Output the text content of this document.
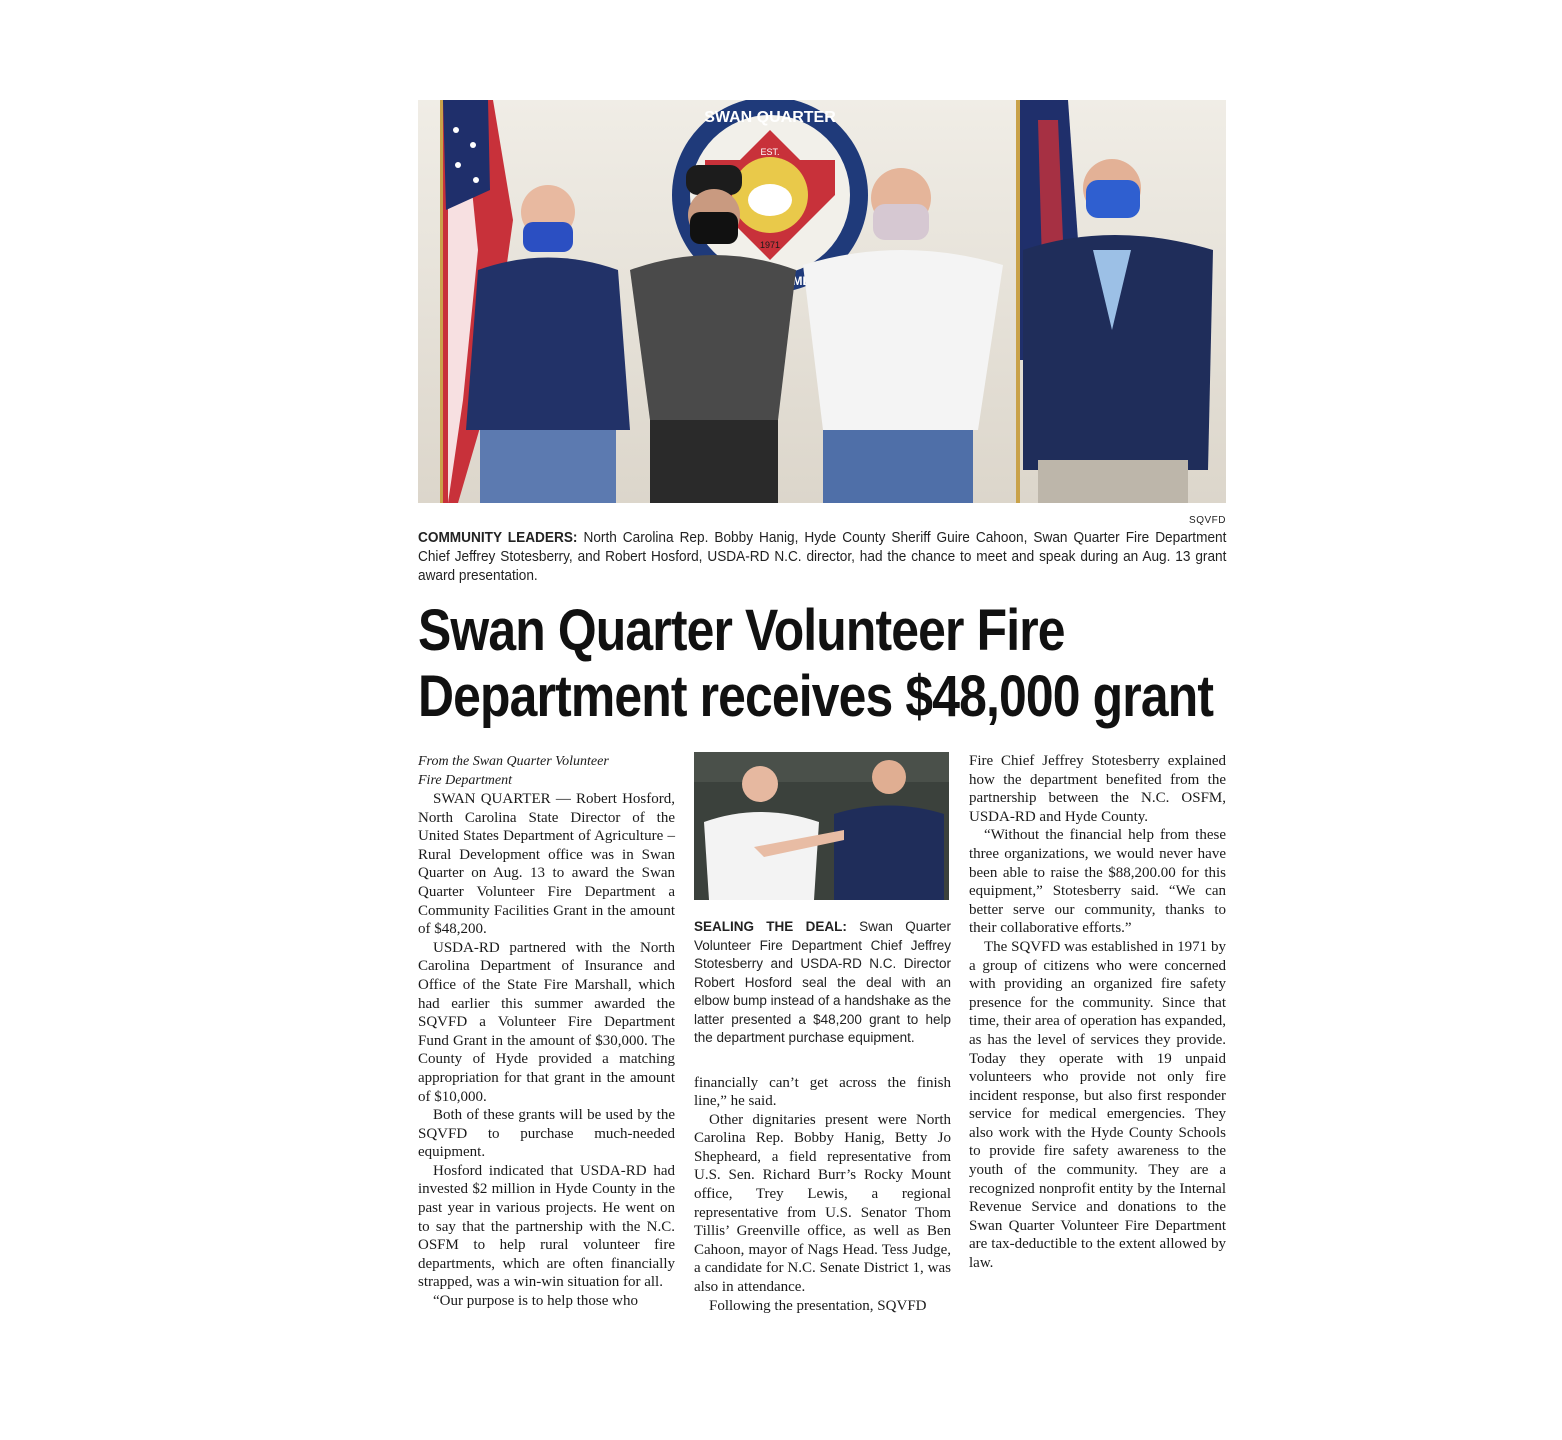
SWAN QUARTER
EST.
1971
SQVFD
COMMUNITY LEADERS: North Carolina Rep. Bobby Hanig, Hyde County Sheriff Guire Cahoon, Swan Quarter Fire Department Chief Jeffrey Stotesberry, and Robert Hosford, USDA-RD N.C. director, had the chance to meet and speak during an Aug. 13 grant award presentation.
Swan Quarter Volunteer Fire
Department receives $48,000 grant

From the Swan Quarter Volunteer
Fire Department

SWAN QUARTER — Robert Hosford, North Carolina State Director of the United States Department of Agriculture – Rural Development office was in Swan Quarter on Aug. 13 to award the Swan Quarter Volunteer Fire Department a Community Facilities Grant in the amount of $48,200.

USDA-RD partnered with the North Carolina Department of Insurance and Office of the State Fire Marshall, which had earlier this summer awarded the SQVFD a Volunteer Fire Department Fund Grant in the amount of $30,000. The County of Hyde provided a matching appropriation for that grant in the amount of $10,000.

Both of these grants will be used by the SQVFD to purchase much-needed equipment.

Hosford indicated that USDA-RD had invested $2 million in Hyde County in the past year in various projects. He went on to say that the partnership with the N.C. OSFM to help rural volunteer fire departments, which are often financially strapped, was a win-win situation for all.

“Our purpose is to help those who

SEALING THE DEAL: Swan Quarter Volunteer Fire Department Chief Jeffrey Stotesberry and USDA-RD N.C. Director Robert Hosford seal the deal with an elbow bump instead of a handshake as the latter presented a $48,200 grant to help the department purchase equipment.

financially can’t get across the finish line,” he said.

Other dignitaries present were North Carolina Rep. Bobby Hanig, Betty Jo Shepheard, a field representative from U.S. Sen. Richard Burr’s Rocky Mount office, Trey Lewis, a regional representative from U.S. Senator Thom Tillis’ Greenville office, as well as Ben Cahoon, mayor of Nags Head. Tess Judge, a candidate for N.C. Senate District 1, was also in attendance.

Following the presentation, SQVFD

Fire Chief Jeffrey Stotesberry explained how the department benefited from the partnership between the N.C. OSFM, USDA-RD and Hyde County.

“Without the financial help from these three organizations, we would never have been able to raise the $88,200.00 for this equipment,” Stotesberry said. “We can better serve our community, thanks to their collaborative efforts.”

The SQVFD was established in 1971 by a group of citizens who were concerned with providing an organized fire safety presence for the community. Since that time, their area of operation has expanded, as has the level of services they provide. Today they operate with 19 unpaid volunteers who provide not only fire incident response, but also first responder service for medical emergencies. They also work with the Hyde County Schools to provide fire safety awareness to the youth of the community. They are a recognized nonprofit entity by the Internal Revenue Service and donations to the Swan Quarter Volunteer Fire Department are tax-deductible to the extent allowed by law.
